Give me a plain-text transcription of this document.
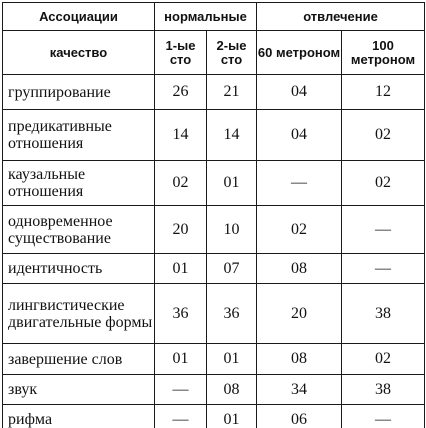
Ассоциации	нормальные		отвлечение	
качество	1-ые сто	2-ые сто	60 метроном	100 метроном
группирование	26	21	04	12
предикативные отношения	14	14	04	02
каузальные отношения	02	01	—	02
одновременное существование	20	10	02	—
идентичность	01	07	08	—
лингвистические двигательные формы	36	36	20	38
завершение слов	01	01	08	02
звук	—	08	34	38
рифма	—	01	06	—
